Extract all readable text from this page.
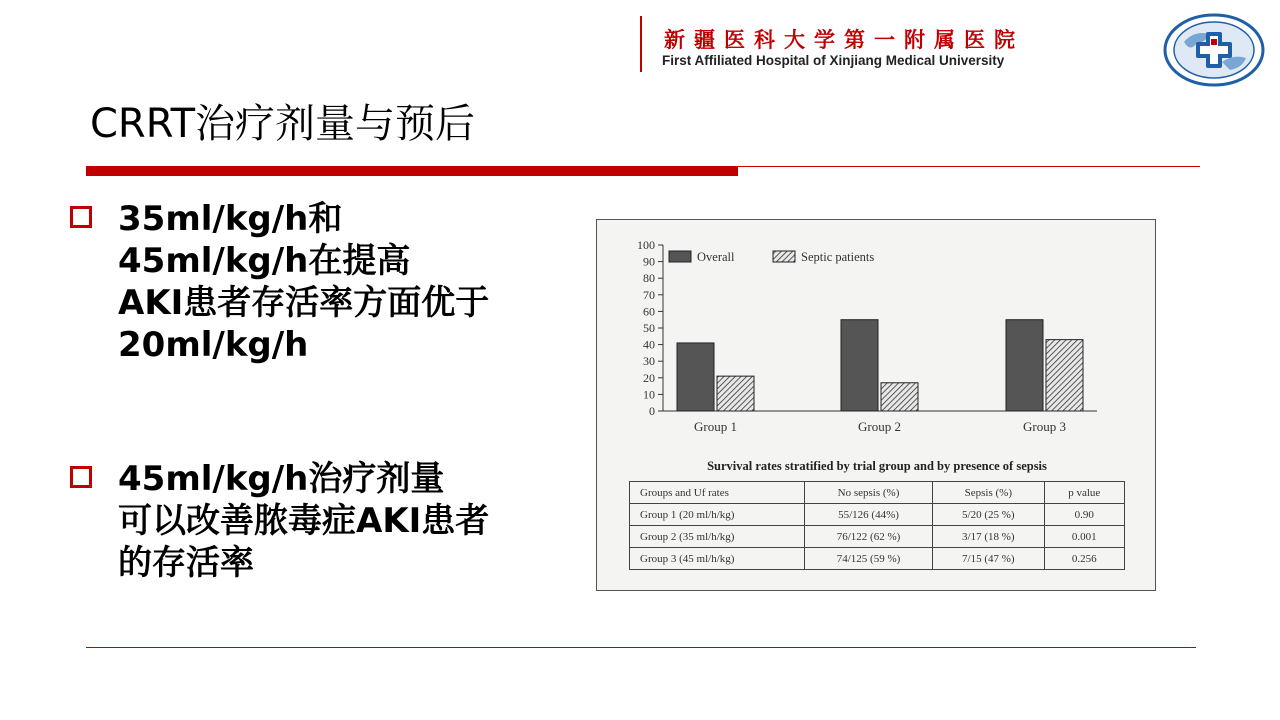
新疆医科大学第一附属医院
First Affiliated Hospital of Xinjiang Medical University
CRRT治疗剂量与预后
35ml/kg/h和
45ml/kg/h在提高
AKI患者存活率方面优于
20ml/kg/h
45ml/kg/h治疗剂量
可以改善脓毒症AKI患者
的存活率
0
10
20
30
40
50
60
70
80
90
100
Group 1	Group 2	Group 3
Overall	Septic patients
Survival rates stratified by trial group and by presence of sepsis
Groups and Uf rates	No sepsis (%)	Sepsis (%)	p value
Group 1 (20 ml/h/kg)	55/126 (44%)	5/20 (25 %)	0.90
Group 2 (35 ml/h/kg)	76/122 (62 %)	3/17 (18 %)	0.001
Group 3 (45 ml/h/kg)	74/125 (59 %)	7/15 (47 %)	0.256
